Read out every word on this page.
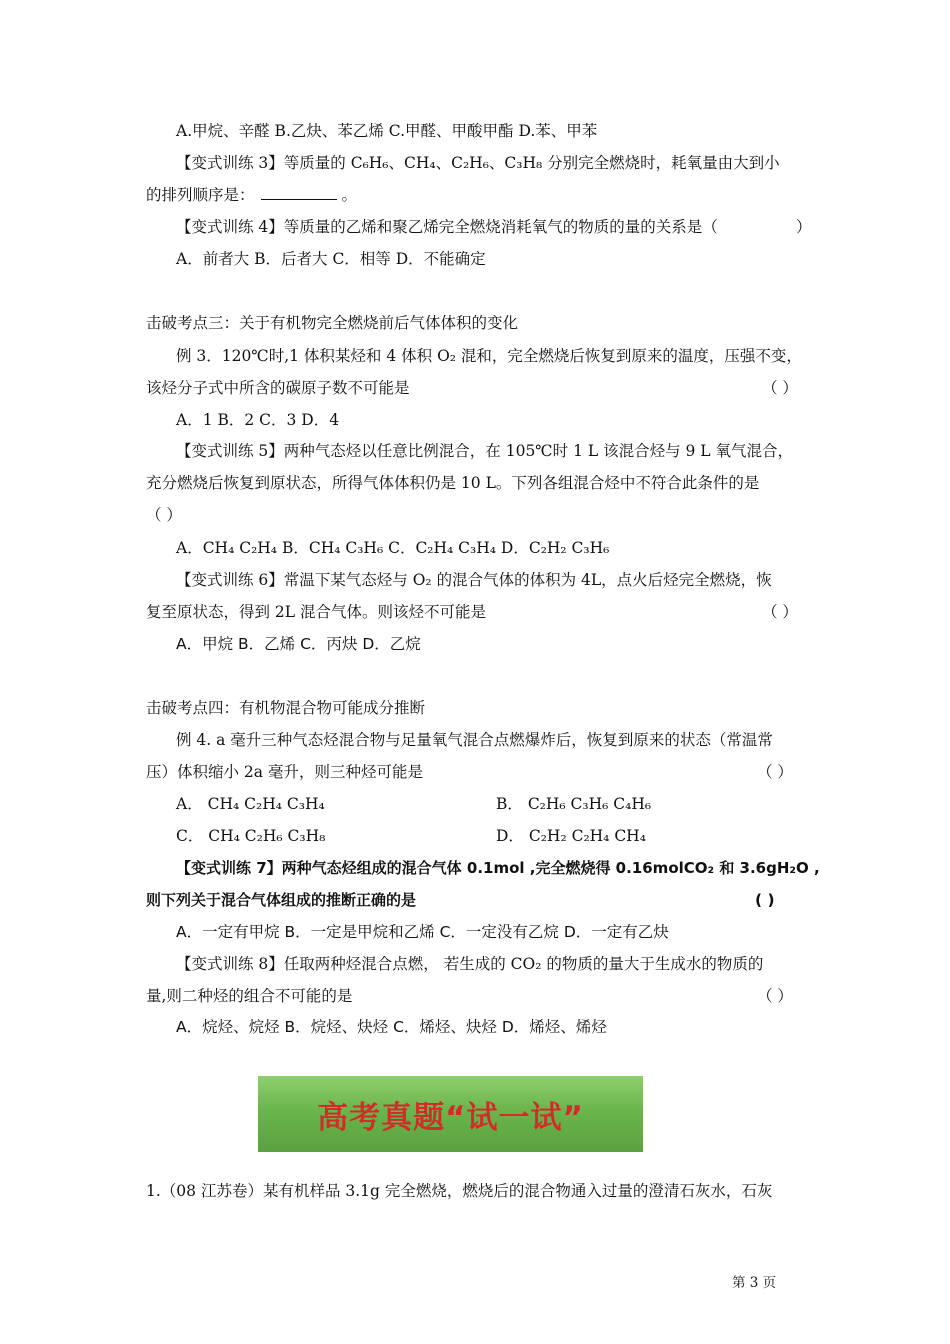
A.甲烷、辛醛 B.乙炔、苯乙烯 C.甲醛、甲酸甲酯 D.苯、甲苯
【变式训练 3】等质量的 C₆H₆、CH₄、C₂H₆、C₃H₈ 分别完全燃烧时，耗氧量由大到小
的排列顺序是：	。
【变式训练 4】等质量的乙烯和聚乙烯完全燃烧消耗氧气的物质的量的关系是（	）
A．前者大 B．后者大 C．相等 D．不能确定
击破考点三：关于有机物完全燃烧前后气体体积的变化
例 3．120℃时,1 体积某烃和 4 体积 O₂ 混和，完全燃烧后恢复到原来的温度，压强不变，
该烃分子式中所含的碳原子数不可能是	（ ）
A．1 B．2 C．3 D．4
【变式训练 5】两种气态烃以任意比例混合，在 105℃时 1 L 该混合烃与 9 L 氧气混合，
充分燃烧后恢复到原状态，所得气体体积仍是 10 L。下列各组混合烃中不符合此条件的是
（ ）
A．CH₄ C₂H₄ B．CH₄ C₃H₆ C．C₂H₄ C₃H₄ D．C₂H₂ C₃H₆
【变式训练 6】常温下某气态烃与 O₂ 的混合气体的体积为 4L，点火后烃完全燃烧，恢
复至原状态，得到 2L 混合气体。则该烃不可能是	（ ）
A．甲烷 B．乙烯 C．丙炔 D．乙烷
击破考点四：有机物混合物可能成分推断
例 4. a 毫升三种气态烃混合物与足量氧气混合点燃爆炸后，恢复到原来的状态（常温常
压）体积缩小 2a 毫升，则三种烃可能是	（ ）
A． CH₄ C₂H₄ C₃H₄	B． C₂H₆ C₃H₆ C₄H₆
C． CH₄ C₂H₆ C₃H₈	D． C₂H₂ C₂H₄ CH₄
【变式训练 7】两种气态烃组成的混合气体 0.1mol ,完全燃烧得 0.16molCO₂ 和 3.6gH₂O ,
则下列关于混合气体组成的推断正确的是	( )
A．一定有甲烷 B．一定是甲烷和乙烯 C．一定没有乙烷 D．一定有乙炔
【变式训练 8】任取两种烃混合点燃， 若生成的 CO₂ 的物质的量大于生成水的物质的
量,则二种烃的组合不可能的是	（ ）
A．烷烃、烷烃 B．烷烃、炔烃 C．烯烃、炔烃 D．烯烃、烯烃
高考真题“试一试”
1.（08 江苏卷）某有机样品 3.1g 完全燃烧，燃烧后的混合物通入过量的澄清石灰水，石灰
第 3 页
